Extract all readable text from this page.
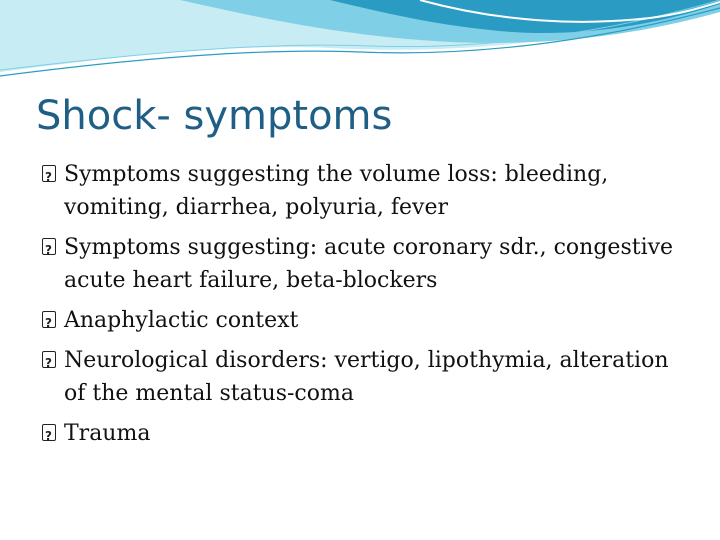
Shock- symptoms
?
Symptoms suggesting the volume loss: bleeding, vomiting, diarrhea, polyuria, fever
?
Symptoms suggesting: acute coronary sdr., congestive acute heart failure, beta-blockers
?
Anaphylactic context
?
Neurological disorders: vertigo, lipothymia, alteration of the mental status-coma
?
Trauma
